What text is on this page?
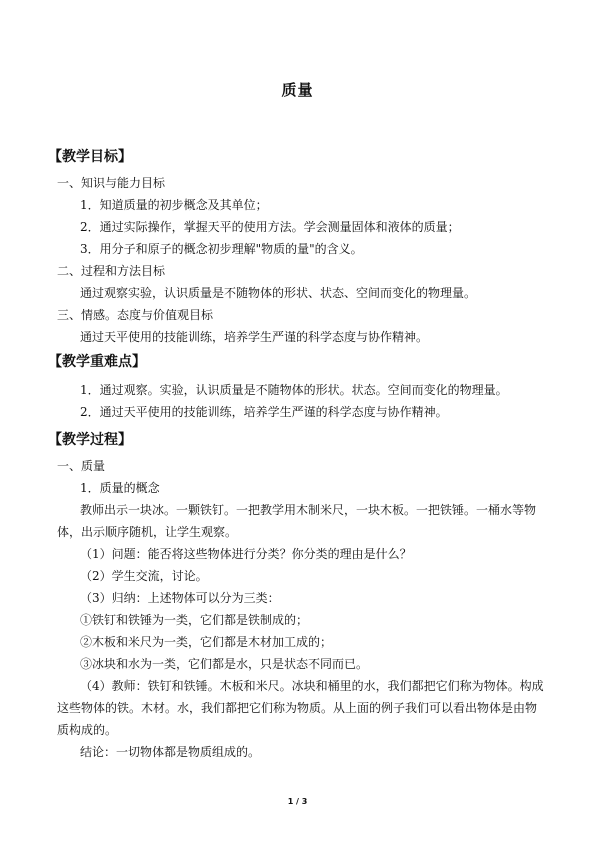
质量
【教学目标】
一、知识与能力目标
1．知道质量的初步概念及其单位；
2．通过实际操作，掌握天平的使用方法。学会测量固体和液体的质量；
3．用分子和原子的概念初步理解"物质的量"的含义。
二、过程和方法目标
通过观察实验，认识质量是不随物体的形状、状态、空间而变化的物理量。
三、情感。态度与价值观目标
通过天平使用的技能训练，培养学生严谨的科学态度与协作精神。
【教学重难点】
1．通过观察。实验，认识质量是不随物体的形状。状态。空间而变化的物理量。
2．通过天平使用的技能训练，培养学生严谨的科学态度与协作精神。
【教学过程】
一、质量
1．质量的概念
教师出示一块冰。一颗铁钉。一把教学用木制米尺，一块木板。一把铁锤。一桶水等物
体，出示顺序随机，让学生观察。
（1）问题：能否将这些物体进行分类？你分类的理由是什么？
（2）学生交流，讨论。
（3）归纳：上述物体可以分为三类：
①铁钉和铁锤为一类，它们都是铁制成的；
②木板和米尺为一类，它们都是木材加工成的；
③冰块和水为一类，它们都是水，只是状态不同而已。
（4）教师：铁钉和铁锤。木板和米尺。冰块和桶里的水，我们都把它们称为物体。构成
这些物体的铁。木材。水，我们都把它们称为物质。从上面的例子我们可以看出物体是由物
质构成的。
结论：一切物体都是物质组成的。
1 / 3
